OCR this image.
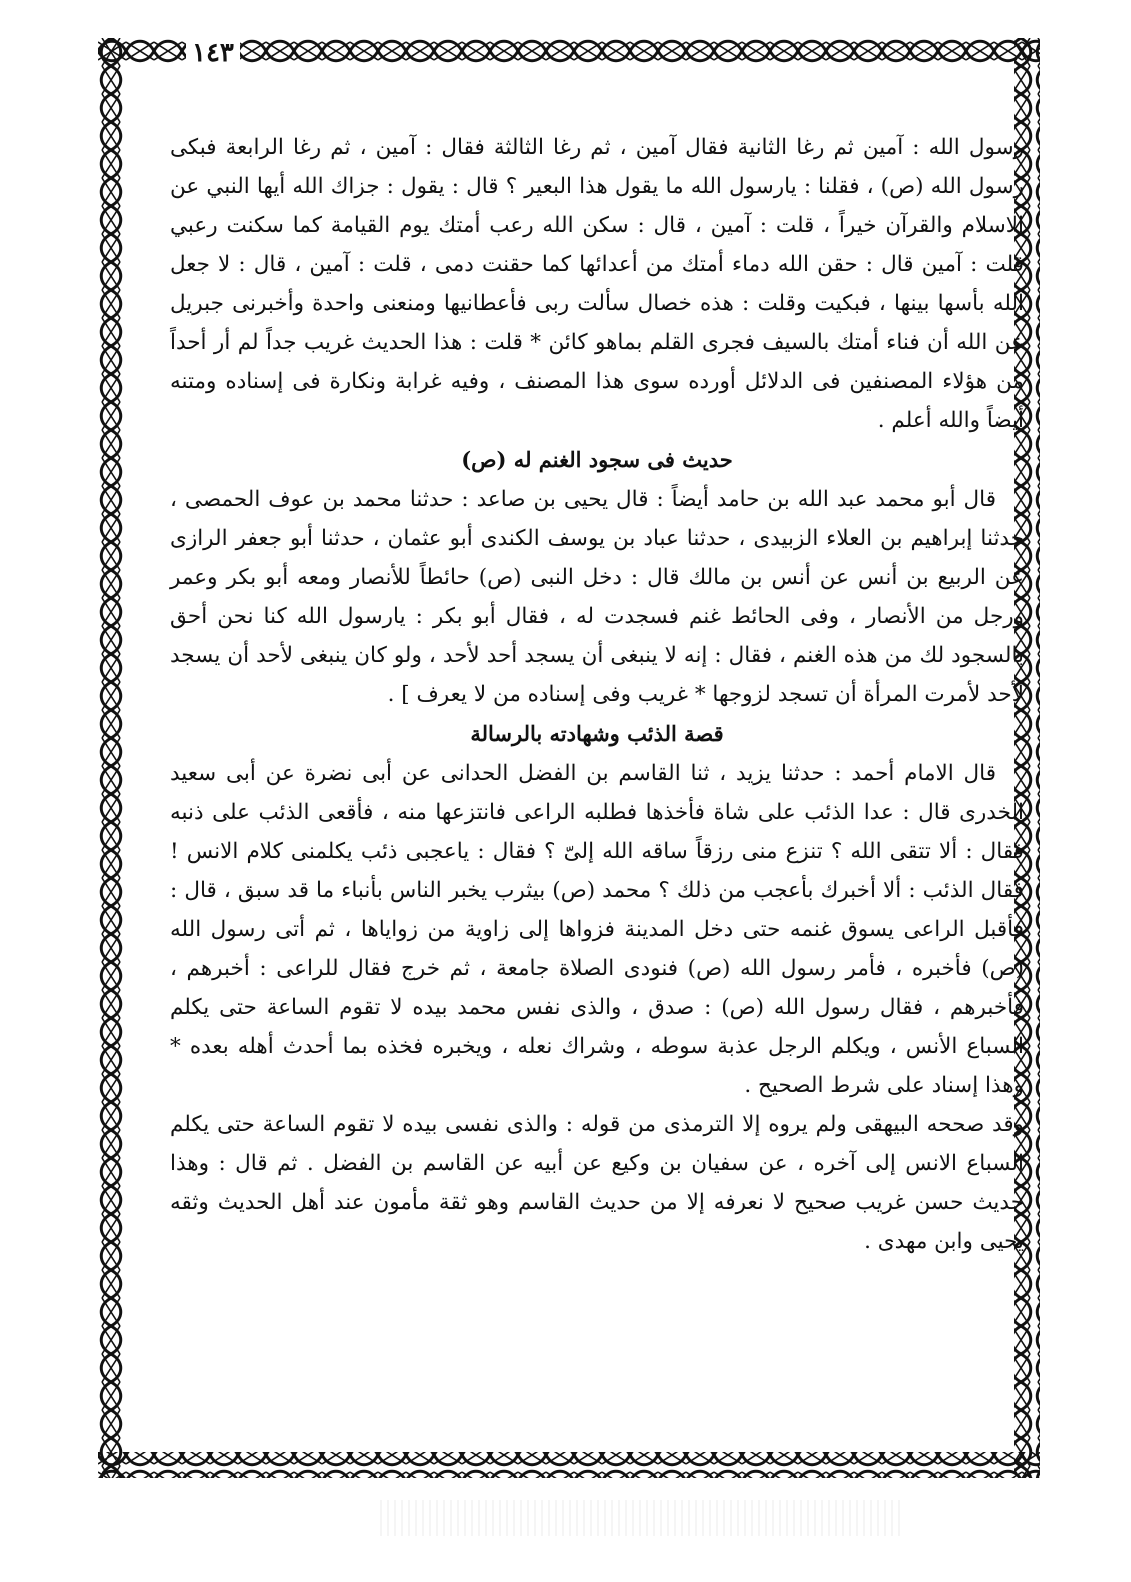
١٤٣

رسول الله : آمين ثم رغا الثانية فقال آمين ، ثم رغا الثالثة فقال : آمين ، ثم رغا الرابعة فبكى رسول الله (ص) ، فقلنا : يارسول الله ما يقول هذا البعير ؟ قال : يقول : جزاك الله أيها النبي عن الاسلام والقرآن خيراً ، قلت : آمين ، قال : سكن الله رعب أمتك يوم القيامة كما سكنت رعبي قلت : آمين قال : حقن الله دماء أمتك من أعدائها كما حقنت دمى ، قلت : آمين ، قال : لا جعل الله بأسها بينها ، فبكيت وقلت : هذه خصال سألت ربى فأعطانيها ومنعنى واحدة وأخبرنى جبريل عن الله أن فناء أمتك بالسيف فجرى القلم بماهو كائن * قلت : هذا الحديث غريب جداً لم أر أحداً من هؤلاء المصنفين فى الدلائل أورده سوى هذا المصنف ، وفيه غرابة ونكارة فى إسناده ومتنه أيضاً والله أعلم .

حديث فى سجود الغنم له (ص)

قال أبو محمد عبد الله بن حامد أيضاً : قال يحيى بن صاعد : حدثنا محمد بن عوف الحمصى ، حدثنا إبراهيم بن العلاء الزبيدى ، حدثنا عباد بن يوسف الكندى أبو عثمان ، حدثنا أبو جعفر الرازى عن الربيع بن أنس عن أنس بن مالك قال : دخل النبى (ص) حائطاً للأنصار ومعه أبو بكر وعمر ورجل من الأنصار ، وفى الحائط غنم فسجدت له ، فقال أبو بكر : يارسول الله كنا نحن أحق بالسجود لك من هذه الغنم ، فقال : إنه لا ينبغى أن يسجد أحد لأحد ، ولو كان ينبغى لأحد أن يسجد لأحد لأمرت المرأة أن تسجد لزوجها * غريب وفى إسناده من لا يعرف ] .

قصة الذئب وشهادته بالرسالة

قال الامام أحمد : حدثنا يزيد ، ثنا القاسم بن الفضل الحدانى عن أبى نضرة عن أبى سعيد الخدرى قال : عدا الذئب على شاة فأخذها فطلبه الراعى فانتزعها منه ، فأقعى الذئب على ذنبه فقال : ألا تتقى الله ؟ تنزع منى رزقاً ساقه الله إلىّ ؟ فقال : ياعجبى ذئب يكلمنى كلام الانس ! فقال الذئب : ألا أخبرك بأعجب من ذلك ؟ محمد (ص) بيثرب يخبر الناس بأنباء ما قد سبق ، قال : فأقبل الراعى يسوق غنمه حتى دخل المدينة فزواها إلى زاوية من زواياها ، ثم أتى رسول الله (ص) فأخبره ، فأمر رسول الله (ص) فنودى الصلاة جامعة ، ثم خرج فقال للراعى : أخبرهم ، فأخبرهم ، فقال رسول الله (ص) : صدق ، والذى نفس محمد بيده لا تقوم الساعة حتى يكلم السباع الأنس ، ويكلم الرجل عذبة سوطه ، وشراك نعله ، ويخبره فخذه بما أحدث أهله بعده * وهذا إسناد على شرط الصحيح .

وقد صححه البيهقى ولم يروه إلا الترمذى من قوله : والذى نفسى بيده لا تقوم الساعة حتى يكلم السباع الانس إلى آخره ، عن سفيان بن وكيع عن أبيه عن القاسم بن الفضل . ثم قال : وهذا حديث حسن غريب صحيح لا نعرفه إلا من حديث القاسم وهو ثقة مأمون عند أهل الحديث وثقه يحيى وابن مهدى .
